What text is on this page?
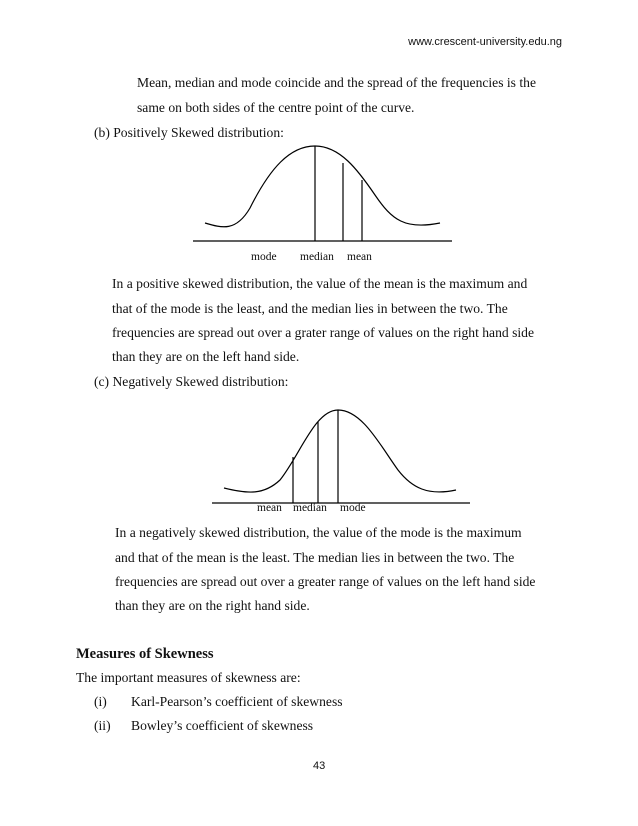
www.crescent-university.edu.ng
Mean, median and mode coincide and the spread of the frequencies is the
same on both sides of the centre point of the curve.
(b) Positively Skewed distribution:
mode median mean
In a positive skewed distribution, the value of the mean is the maximum and
that of the mode is the least, and the median lies in between the two. The
frequencies are spread out over a grater range of values on the right hand side
than they are on the left hand side.
(c) Negatively Skewed distribution:
mean median mode
In a negatively skewed distribution, the value of the mode is the maximum
and that of the mean is the least. The median lies in between the two. The
frequencies are spread out over a greater range of values on the left hand side
than they are on the right hand side.
Measures of Skewness
The important measures of skewness are:
(i) Karl-Pearson’s coefficient of skewness
(ii) Bowley’s coefficient of skewness
43
